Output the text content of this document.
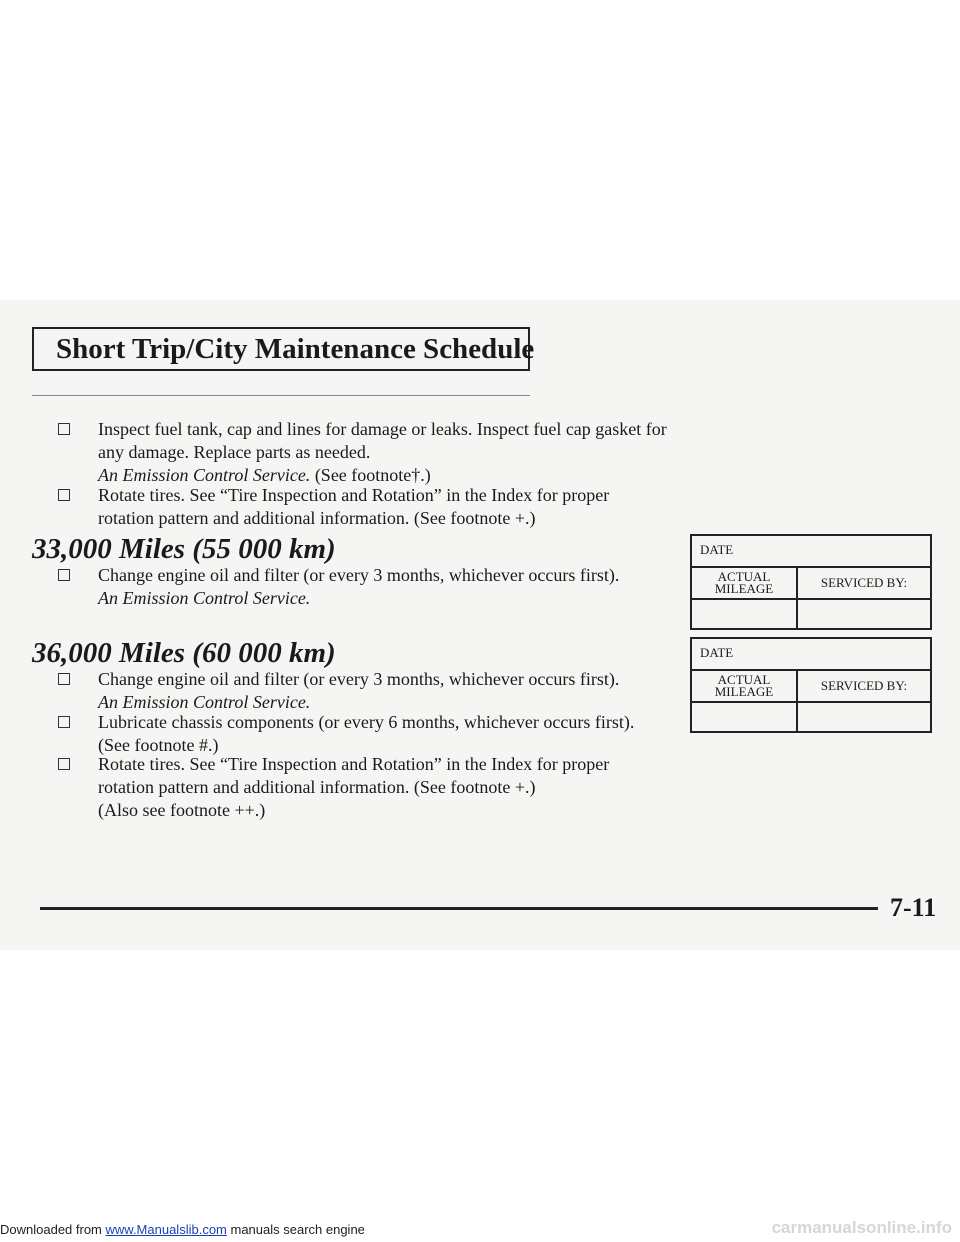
Short Trip/City Maintenance Schedule
Inspect fuel tank, cap and lines for damage or leaks. Inspect fuel cap gasket for any damage. Replace parts as needed.
An Emission Control Service. (See footnote†.)
Rotate tires. See “Tire Inspection and Rotation” in the Index for proper rotation pattern and additional information. (See footnote +.)
33,000 Miles (55 000 km)
Change engine oil and filter (or every 3 months, whichever occurs first).
An Emission Control Service.
DATE	
ACTUAL
MILEAGE	SERVICED BY:

36,000 Miles (60 000 km)
Change engine oil and filter (or every 3 months, whichever occurs first).
An Emission Control Service.
Lubricate chassis components (or every 6 months, whichever occurs first). (See footnote #.)
Rotate tires. See “Tire Inspection and Rotation” in the Index for proper rotation pattern and additional information. (See footnote +.)
(Also see footnote ++.)
DATE	
ACTUAL
MILEAGE	SERVICED BY:

7-11
Downloaded from www.Manualslib.com manuals search engine	carmanualsonline.info
